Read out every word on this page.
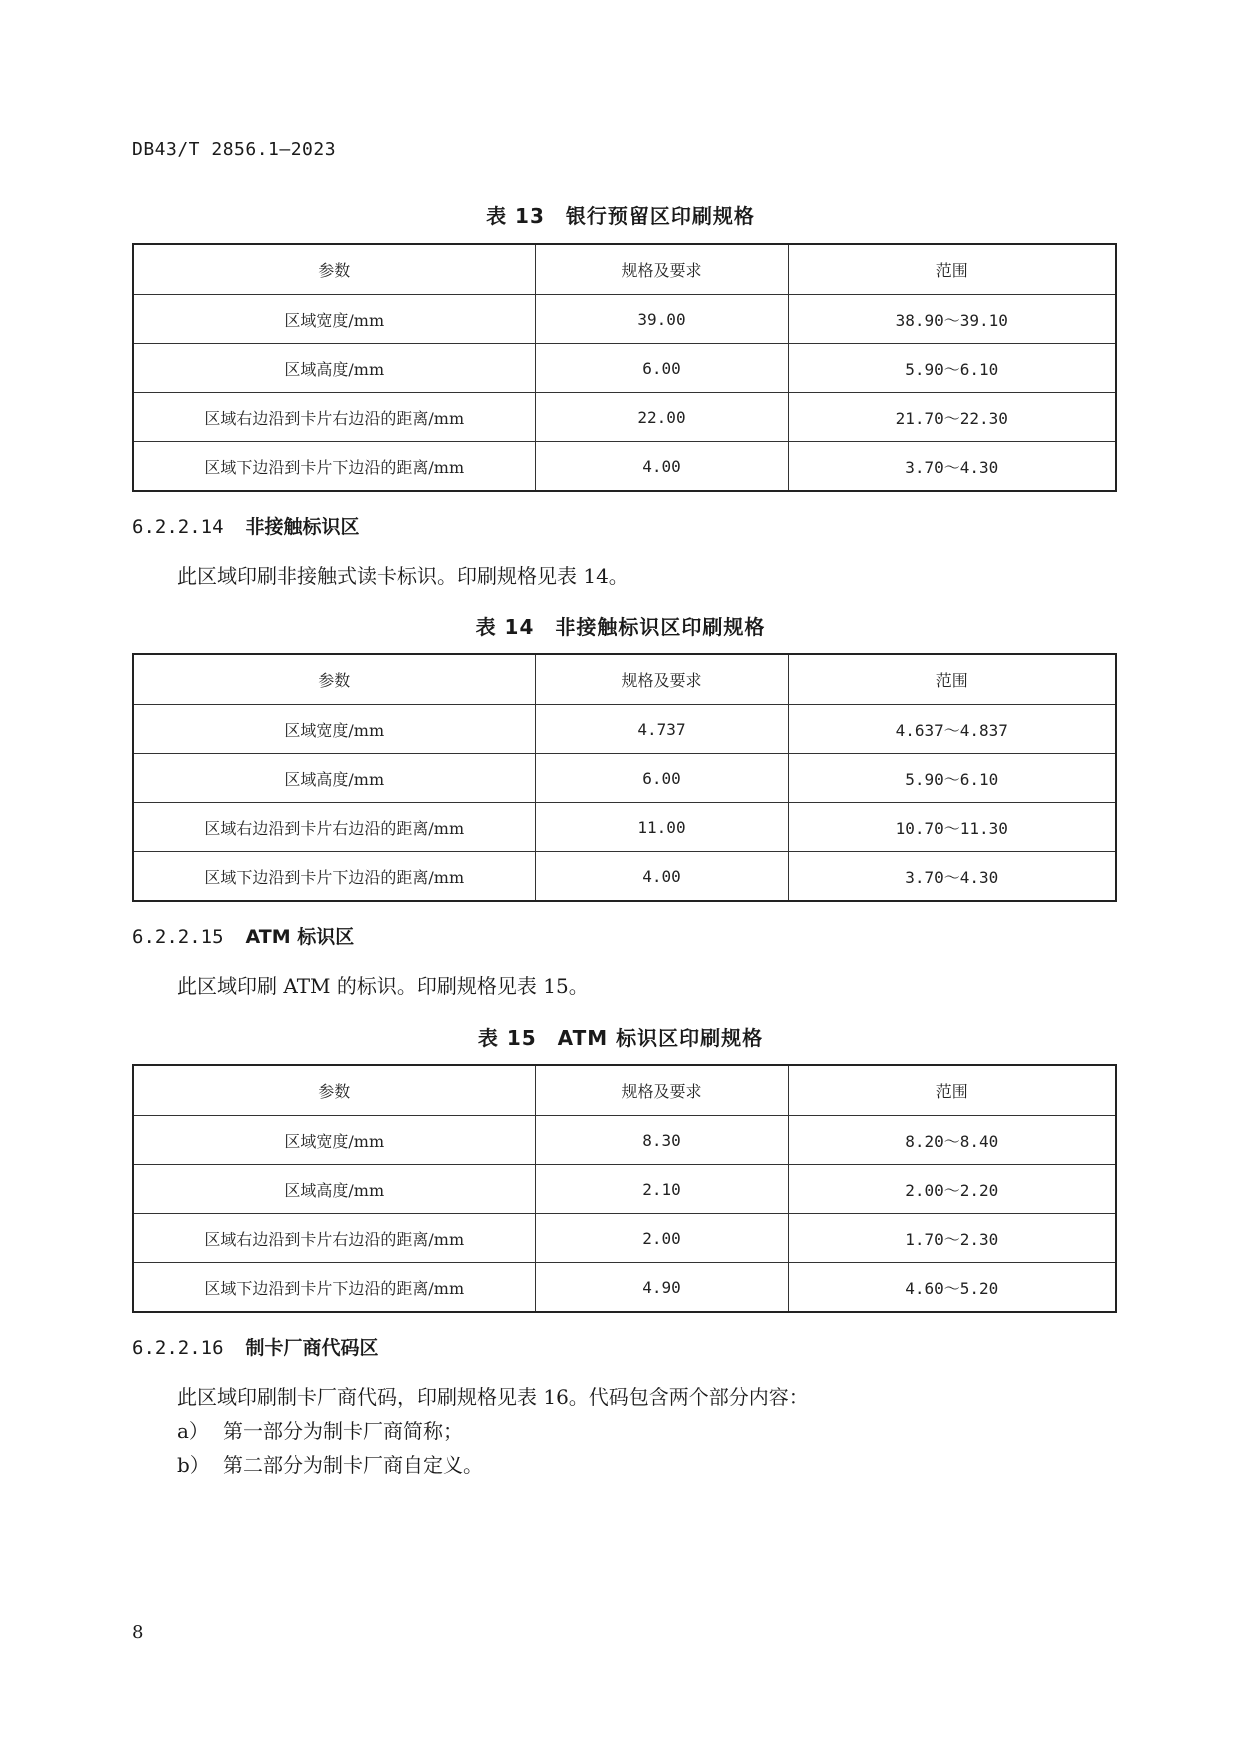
DB43/T 2856.1—2023
表 13　银行预留区印刷规格
参数	规格及要求	范围
区域宽度/mm	39.00	38.90～39.10
区域高度/mm	6.00	5.90～6.10
区域右边沿到卡片右边沿的距离/mm	22.00	21.70～22.30
区域下边沿到卡片下边沿的距离/mm	4.00	3.70～4.30
6.2.2.14 非接触标识区
此区域印刷非接触式读卡标识。印刷规格见表 14。
表 14　非接触标识区印刷规格
参数	规格及要求	范围
区域宽度/mm	4.737	4.637～4.837
区域高度/mm	6.00	5.90～6.10
区域右边沿到卡片右边沿的距离/mm	11.00	10.70～11.30
区域下边沿到卡片下边沿的距离/mm	4.00	3.70～4.30
6.2.2.15 ATM 标识区
此区域印刷 ATM 的标识。印刷规格见表 15。
表 15　ATM 标识区印刷规格
参数	规格及要求	范围
区域宽度/mm	8.30	8.20～8.40
区域高度/mm	2.10	2.00～2.20
区域右边沿到卡片右边沿的距离/mm	2.00	1.70～2.30
区域下边沿到卡片下边沿的距离/mm	4.90	4.60～5.20
6.2.2.16 制卡厂商代码区
此区域印刷制卡厂商代码，印刷规格见表 16。代码包含两个部分内容：
a） 第一部分为制卡厂商简称；
b） 第二部分为制卡厂商自定义。
8
